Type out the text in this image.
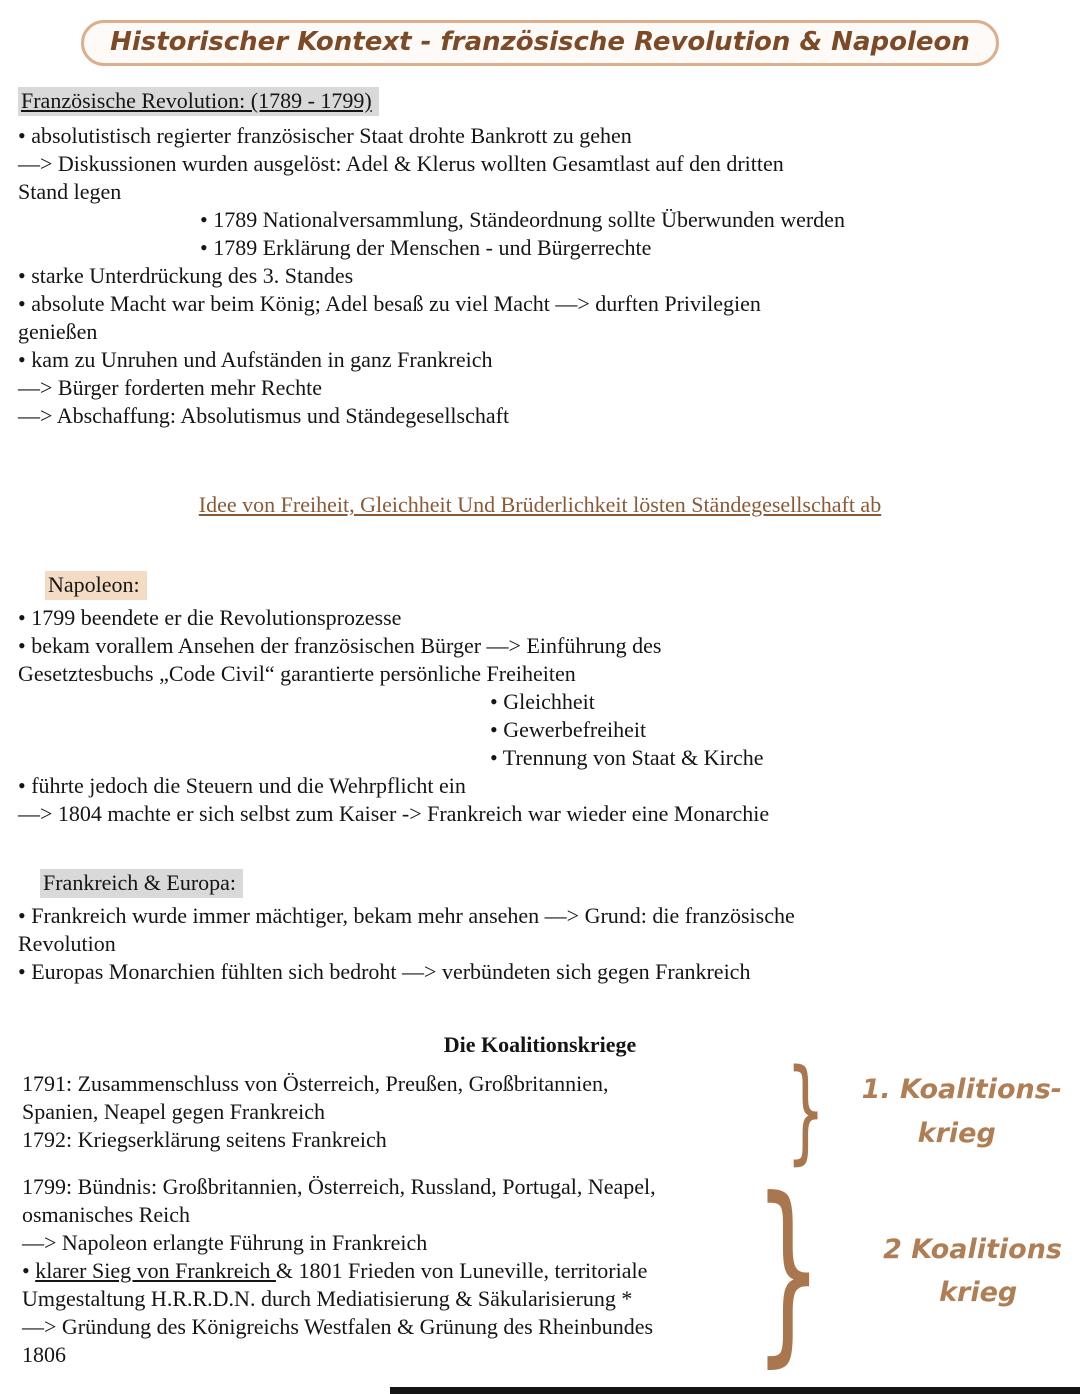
Historischer Kontext - französische Revolution & Napoleon
Französische Revolution: (1789 - 1799)
• absolutistisch regierter französischer Staat drohte Bankrott zu gehen
—> Diskussionen wurden ausgelöst: Adel & Klerus wollten Gesamtlast auf den dritten
Stand legen
• 1789 Nationalversammlung, Ständeordnung sollte Überwunden werden
• 1789 Erklärung der Menschen - und Bürgerrechte
• starke Unterdrückung des 3. Standes
• absolute Macht war beim König; Adel besaß zu viel Macht —> durften Privilegien
genießen
• kam zu Unruhen und Aufständen in ganz Frankreich
—> Bürger forderten mehr Rechte
—> Abschaffung: Absolutismus und Ständegesellschaft
Idee von Freiheit, Gleichheit Und Brüderlichkeit lösten Ständegesellschaft ab
Napoleon:
• 1799 beendete er die Revolutionsprozesse
• bekam vorallem Ansehen der französischen Bürger —> Einführung des
Gesetztesbuchs „Code Civil“ garantierte persönliche Freiheiten
• Gleichheit
• Gewerbefreiheit
• Trennung von Staat & Kirche
• führte jedoch die Steuern und die Wehrpflicht ein
—> 1804 machte er sich selbst zum Kaiser -> Frankreich war wieder eine Monarchie
Frankreich & Europa:
• Frankreich wurde immer mächtiger, bekam mehr ansehen —> Grund: die französische
Revolution
• Europas Monarchien fühlten sich bedroht —> verbündeten sich gegen Frankreich
Die Koalitionskriege
1791: Zusammenschluss von Österreich, Preußen, Großbritannien,
Spanien, Neapel gegen Frankreich
1792: Kriegserklärung seitens Frankreich	} 1. Koalitions-
krieg
1799: Bündnis: Großbritannien, Österreich, Russland, Portugal, Neapel,
osmanisches Reich
—> Napoleon erlangte Führung in Frankreich
• klarer Sieg von Frankreich & 1801 Frieden von Luneville, territoriale
Umgestaltung H.R.R.D.N. durch Mediatisierung & Säkularisierung *
—> Gründung des Königreichs Westfalen & Grünung des Rheinbundes
1806	} 2 Koalitions
krieg
